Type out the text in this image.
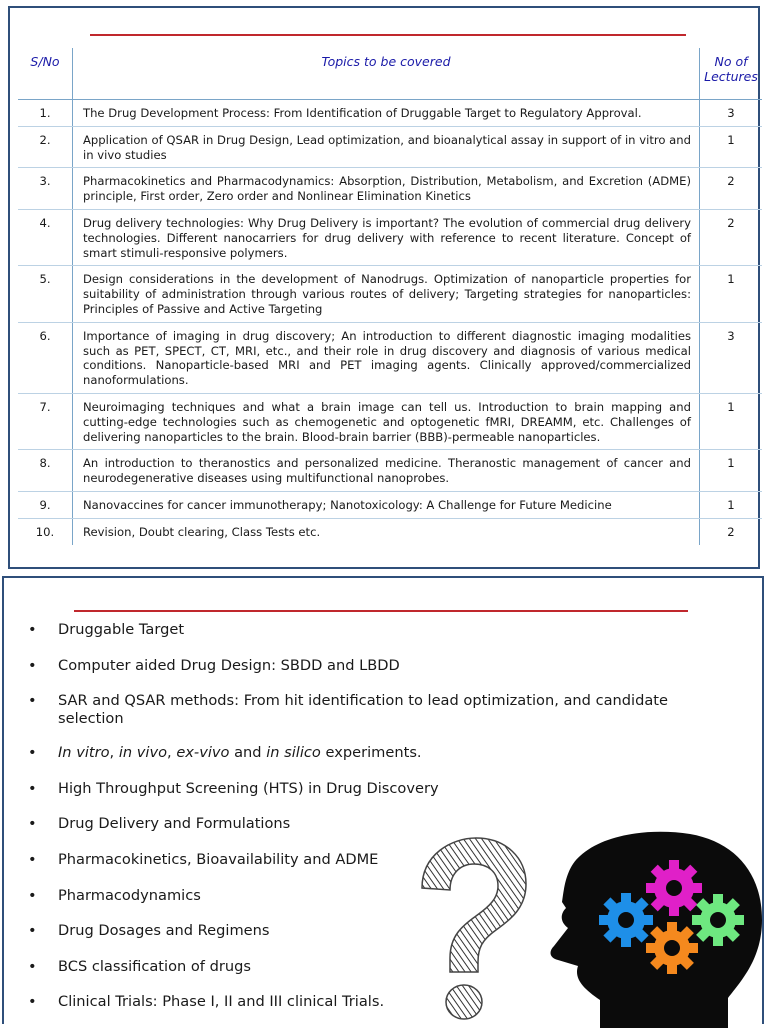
S/No	Topics to be covered	No of Lectures
1.	The Drug Development Process: From Identification of Druggable Target to Regulatory Approval.	3
2.	Application of QSAR in Drug Design, Lead optimization, and bioanalytical assay in support of in vitro and in vivo studies	1
3.	Pharmacokinetics and Pharmacodynamics: Absorption, Distribution, Metabolism, and Excretion (ADME) principle, First order, Zero order and Nonlinear Elimination Kinetics	2
4.	Drug delivery technologies: Why Drug Delivery is important? The evolution of commercial drug delivery technologies. Different nanocarriers for drug delivery with reference to recent literature. Concept of smart stimuli-responsive polymers.	2
5.	Design considerations in the development of Nanodrugs. Optimization of nanoparticle properties for suitability of administration through various routes of delivery; Targeting strategies for nanoparticles: Principles of Passive and Active Targeting	1
6.	Importance of imaging in drug discovery; An introduction to different diagnostic imaging modalities such as PET, SPECT, CT, MRI, etc., and their role in drug discovery and diagnosis of various medical conditions. Nanoparticle-based MRI and PET imaging agents. Clinically approved/commercialized nanoformulations.	3
7.	Neuroimaging techniques and what a brain image can tell us. Introduction to brain mapping and cutting-edge technologies such as chemogenetic and optogenetic fMRI, DREAMM, etc. Challenges of delivering nanoparticles to the brain. Blood-brain barrier (BBB)-permeable nanoparticles.	1
8.	An introduction to theranostics and personalized medicine. Theranostic management of cancer and neurodegenerative diseases using multifunctional nanoprobes.	1
9.	Nanovaccines for cancer immunotherapy; Nanotoxicology: A Challenge for Future Medicine	1
10.	Revision, Doubt clearing, Class Tests etc.	2
• Druggable Target
• Computer aided Drug Design: SBDD and LBDD
• SAR and QSAR methods: From hit identification to lead optimization, and candidate selection
• In vitro, in vivo, ex-vivo and in silico experiments.
• High Throughput Screening (HTS) in Drug Discovery
• Drug Delivery and Formulations
• Pharmacokinetics, Bioavailability and ADME
• Pharmacodynamics
• Drug Dosages and Regimens
• BCS classification of drugs
• Clinical Trials: Phase I, II and III clinical Trials.
